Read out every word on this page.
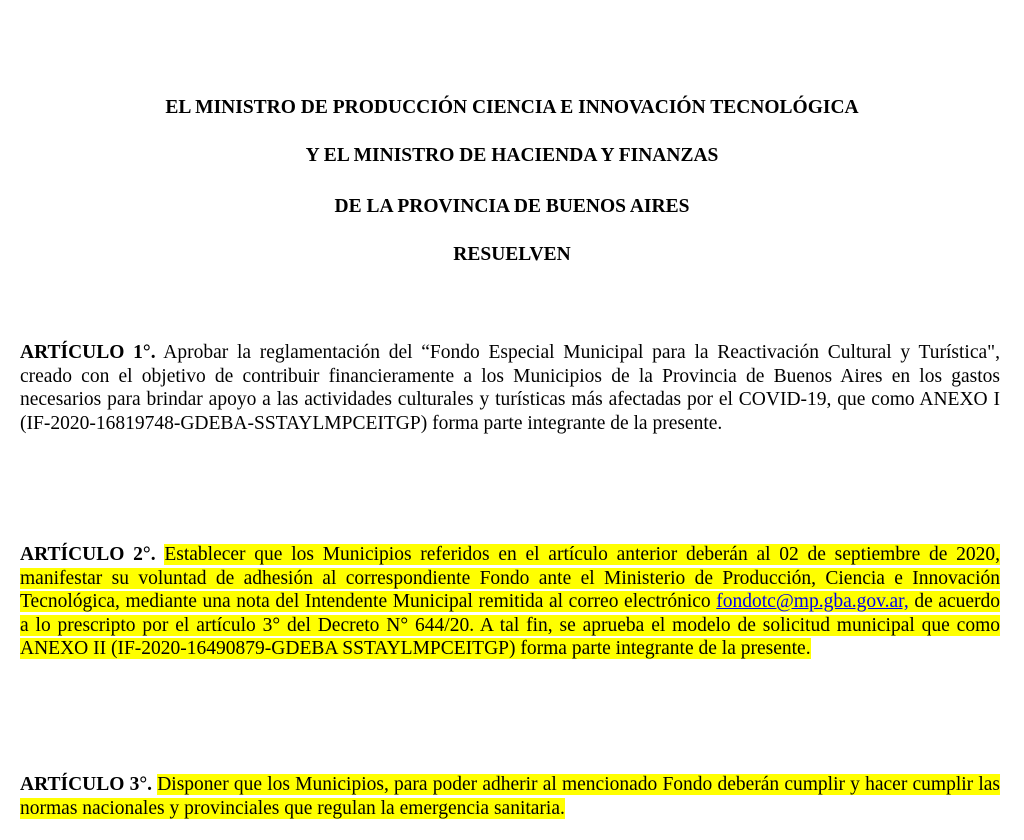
EL MINISTRO DE PRODUCCIÓN CIENCIA E INNOVACIÓN TECNOLÓGICA

Y EL MINISTRO DE HACIENDA Y FINANZAS

DE LA PROVINCIA DE BUENOS AIRES

RESUELVEN

ARTÍCULO 1°. Aprobar la reglamentación del “Fondo Especial Municipal para la Reactivación Cultural y Turística", creado con el objetivo de contribuir financieramente a los Municipios de la Provincia de Buenos Aires en los gastos necesarios para brindar apoyo a las actividades culturales y turísticas más afectadas por el COVID-19, que como ANEXO I (IF-2020-16819748-GDEBA-SSTAYLMPCEITGP) forma parte integrante de la presente.

ARTÍCULO 2°. Establecer que los Municipios referidos en el artículo anterior deberán al 02 de septiembre de 2020, manifestar su voluntad de adhesión al correspondiente Fondo ante el Ministerio de Producción, Ciencia e Innovación Tecnológica, mediante una nota del Intendente Municipal remitida al correo electrónico fondotc@mp.gba.gov.ar, de acuerdo a lo prescripto por el artículo 3° del Decreto N° 644/20. A tal fin, se aprueba el modelo de solicitud municipal que como ANEXO II (IF-2020-16490879-GDEBA SSTAYLMPCEITGP) forma parte integrante de la presente.

ARTÍCULO 3°. Disponer que los Municipios, para poder adherir al mencionado Fondo deberán cumplir y hacer cumplir las normas nacionales y provinciales que regulan la emergencia sanitaria.
